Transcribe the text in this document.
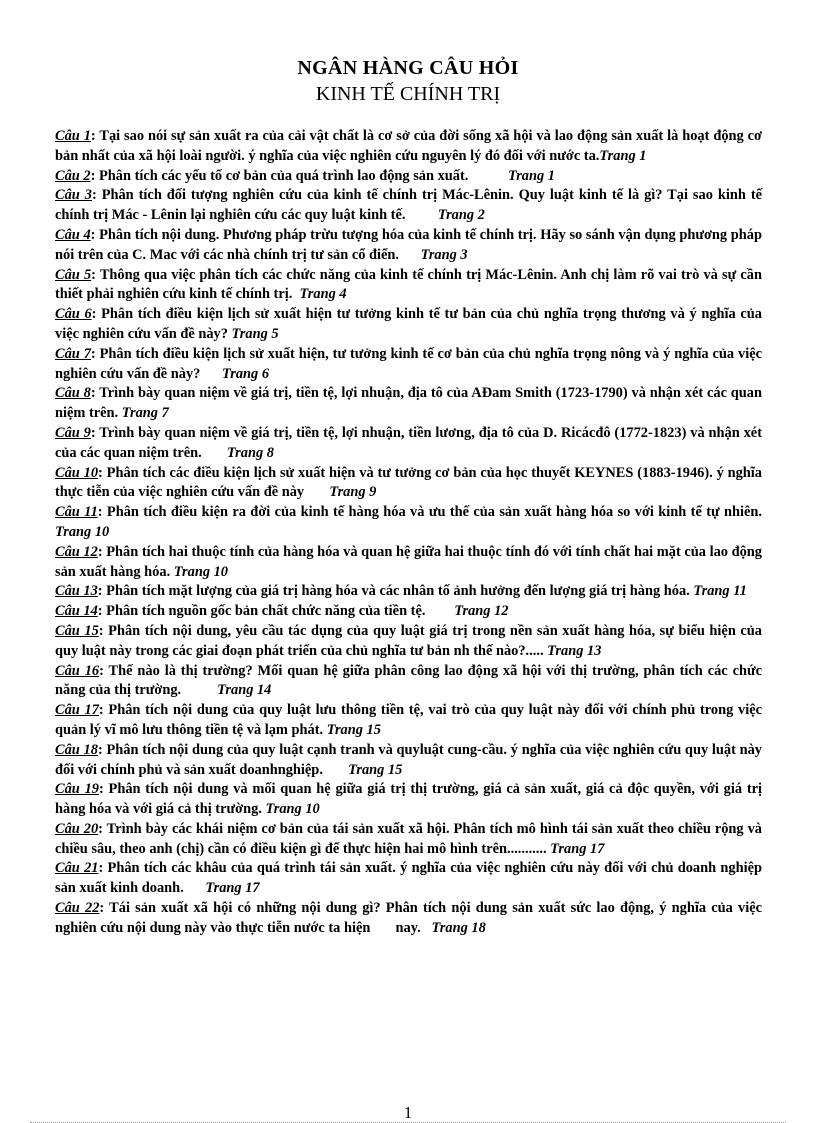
NGÂN HÀNG CÂU HỎI
KINH TẾ CHÍNH TRỊ
Câu 1: Tại sao nói sự sản xuất ra của cải vật chất là cơ sở của đời sống xã hội và lao động sản xuất là hoạt động cơ bản nhất của xã hội loài người. ý nghĩa của việc nghiên cứu nguyên lý đó đối với nước ta.Trang 1
Câu 2: Phân tích các yếu tố cơ bản của quá trình lao động sản xuất.           Trang 1
Câu 3: Phân tích đối tượng nghiên cứu của kinh tế chính trị Mác-Lênin. Quy luật kinh tế là gì? Tại sao kinh tế chính trị Mác - Lênin lại nghiên cứu các quy luật kinh tế.         Trang 2
Câu 4: Phân tích nội dung. Phương pháp trừu tượng hóa của kinh tế chính trị. Hãy so sánh vận dụng phương pháp nói trên của C. Mac với các nhà chính trị tư sản cổ điển.      Trang 3
Câu 5: Thông qua việc phân tích các chức năng của kinh tế chính trị Mác-Lênin. Anh chị làm rõ vai trò và sự cần thiết phải nghiên cứu kinh tế chính trị.  Trang 4
Câu 6: Phân tích điều kiện lịch sử xuất hiện tư tưởng kinh tế tư bản của chủ nghĩa trọng thương và ý nghĩa của việc nghiên cứu vấn đề này? Trang 5
Câu 7: Phân tích điều kiện lịch sử xuất hiện, tư tưởng kinh tế cơ bản của chủ nghĩa trọng nông và ý nghĩa của việc nghiên cứu vấn đề này?      Trang 6
Câu 8: Trình bày quan niệm về giá trị, tiền tệ, lợi nhuận, địa tô của AĐam Smith (1723-1790) và nhận xét các quan niệm trên. Trang 7
Câu 9: Trình bày quan niệm về giá trị, tiền tệ, lợi nhuận, tiền lương, địa tô của D. Ricácđô (1772-1823) và nhận xét của các quan niệm trên.       Trang 8
Câu 10: Phân tích các điều kiện lịch sử xuất hiện và tư tưởng cơ bản của học thuyết KEYNES (1883-1946). ý nghĩa thực tiễn của việc nghiên cứu vấn đề này       Trang 9
Câu 11: Phân tích điều kiện ra đời của kinh tế hàng hóa và ưu thế của sản xuất hàng hóa so với kinh tế tự nhiên.        Trang 10
Câu 12: Phân tích hai thuộc tính của hàng hóa và quan hệ giữa hai thuộc tính đó với tính chất hai mặt của lao động sản xuất hàng hóa. Trang 10
Câu 13: Phân tích mặt lượng của giá trị hàng hóa và các nhân tố ảnh hưởng đến lượng giá trị hàng hóa. Trang 11
Câu 14: Phân tích nguồn gốc bản chất chức năng của tiền tệ.        Trang 12
Câu 15: Phân tích nội dung, yêu cầu tác dụng của quy luật giá trị trong nền sản xuất hàng hóa, sự biểu hiện của quy luật này trong các giai đoạn phát triển của chủ nghĩa tư bản nh thế nào?..... Trang 13
Câu 16: Thế nào là thị trường? Mối quan hệ giữa phân công lao động xã hội với thị trường, phân tích các chức năng của thị trường.          Trang 14
Câu 17: Phân tích nội dung của quy luật lưu thông tiền tệ, vai trò của quy luật này đối với chính phủ trong việc quản lý vĩ mô lưu thông tiền tệ và lạm phát. Trang 15
Câu 18: Phân tích nội dung của quy luật cạnh tranh và quyluật cung-cầu. ý nghĩa của việc nghiên cứu quy luật này đối với chính phủ và sản xuất doanhnghiệp.       Trang 15
Câu 19: Phân tích nội dung và mối quan hệ giữa giá trị thị trường, giá cả sản xuất, giá cả độc quyền, với giá trị hàng hóa và với giá cả thị trường. Trang 10
Câu 20: Trình bày các khái niệm cơ bản của tái sản xuất xã hội. Phân tích mô hình tái sản xuất theo chiều rộng và chiều sâu, theo anh (chị) cần có điều kiện gì để thực hiện hai mô hình trên........... Trang 17
Câu 21: Phân tích các khâu của quá trình tái sản xuất. ý nghĩa của việc nghiên cứu này đối với chủ doanh nghiệp sản xuất kinh doanh.      Trang 17
Câu 22: Tái sản xuất xã hội có những nội dung gì? Phân tích nội dung sản xuất sức lao động, ý nghĩa của việc nghiên cứu nội dung này vào thực tiễn nước ta hiện       nay.   Trang 18
1
